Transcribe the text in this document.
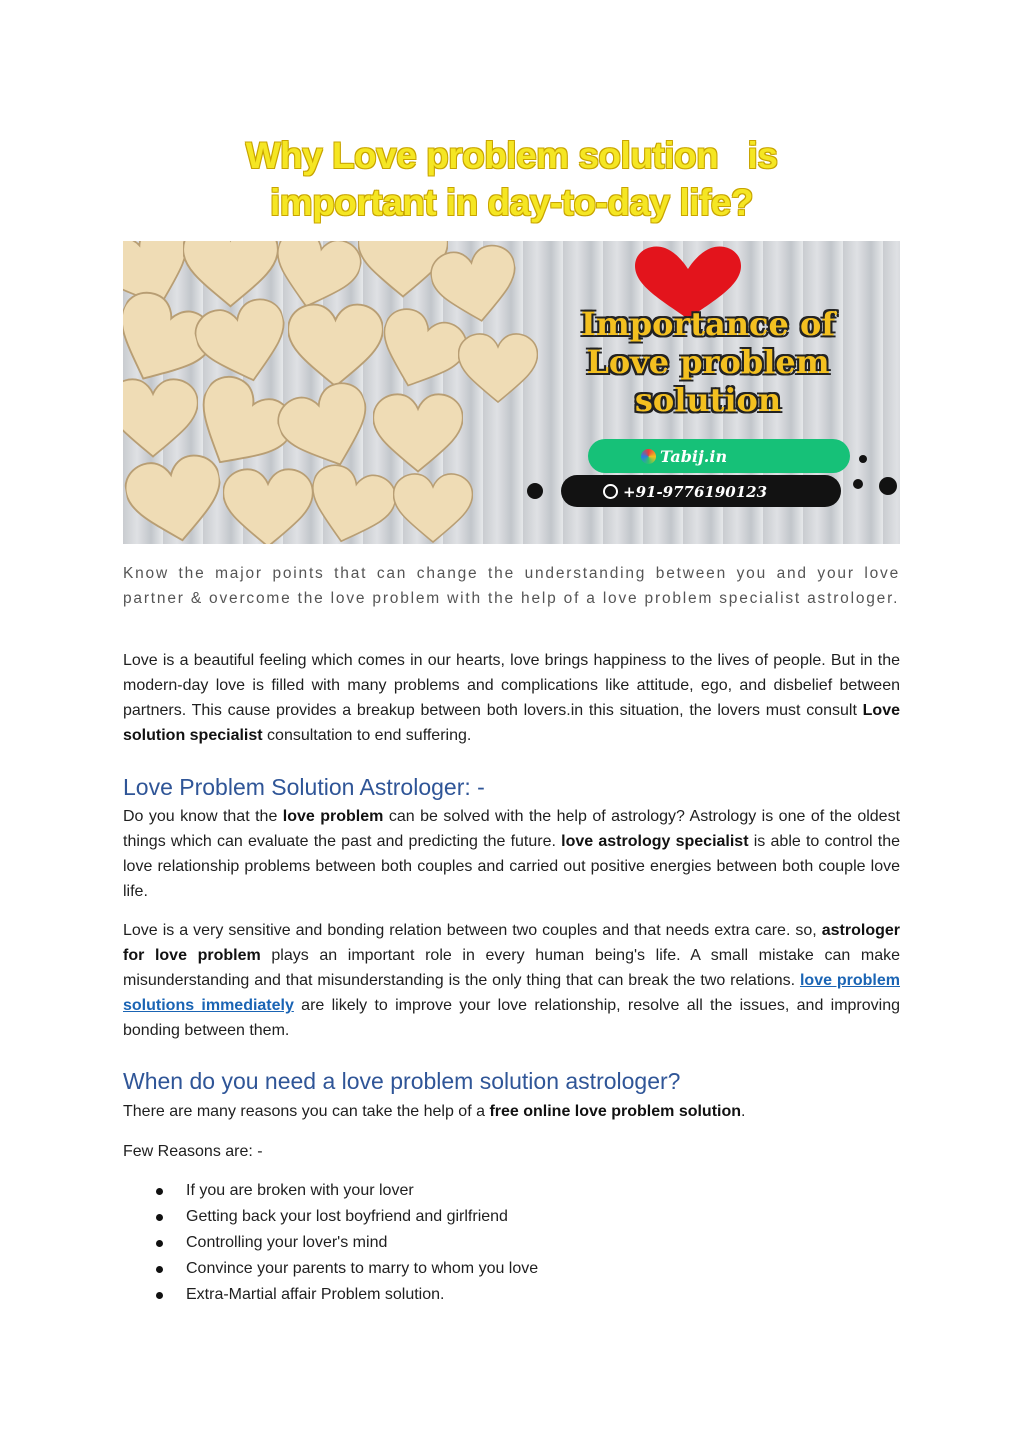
Why Love problem solution   is
important in day-to-day life?
Importance of
Love problem
solution
Tabij.in
+91-9776190123
Know the major points that can change the understanding between you and your love partner & overcome the love problem with the help of a love problem specialist astrologer.
Love is a beautiful feeling which comes in our hearts, love brings happiness to the lives of people. But in the modern-day love is filled with many problems and complications like attitude, ego, and disbelief between partners. This cause provides a breakup between both lovers.in this situation, the lovers must consult Love solution specialist consultation to end suffering.
Love Problem Solution Astrologer: -
Do you know that the love problem can be solved with the help of astrology? Astrology is one of the oldest things which can evaluate the past and predicting the future. love astrology specialist is able to control the love relationship problems between both couples and carried out positive energies between both couple love life.
Love is a very sensitive and bonding relation between two couples and that needs extra care. so, astrologer for love problem plays an important role in every human being's life. A small mistake can make misunderstanding and that misunderstanding is the only thing that can break the two relations. love problem solutions immediately are likely to improve your love relationship, resolve all the issues, and improving bonding between them.
When do you need a love problem solution astrologer?
There are many reasons you can take the help of a free online love problem solution.
Few Reasons are: -
If you are broken with your lover
Getting back your lost boyfriend and girlfriend
Controlling your lover's mind
Convince your parents to marry to whom you love
Extra-Martial affair Problem solution.
